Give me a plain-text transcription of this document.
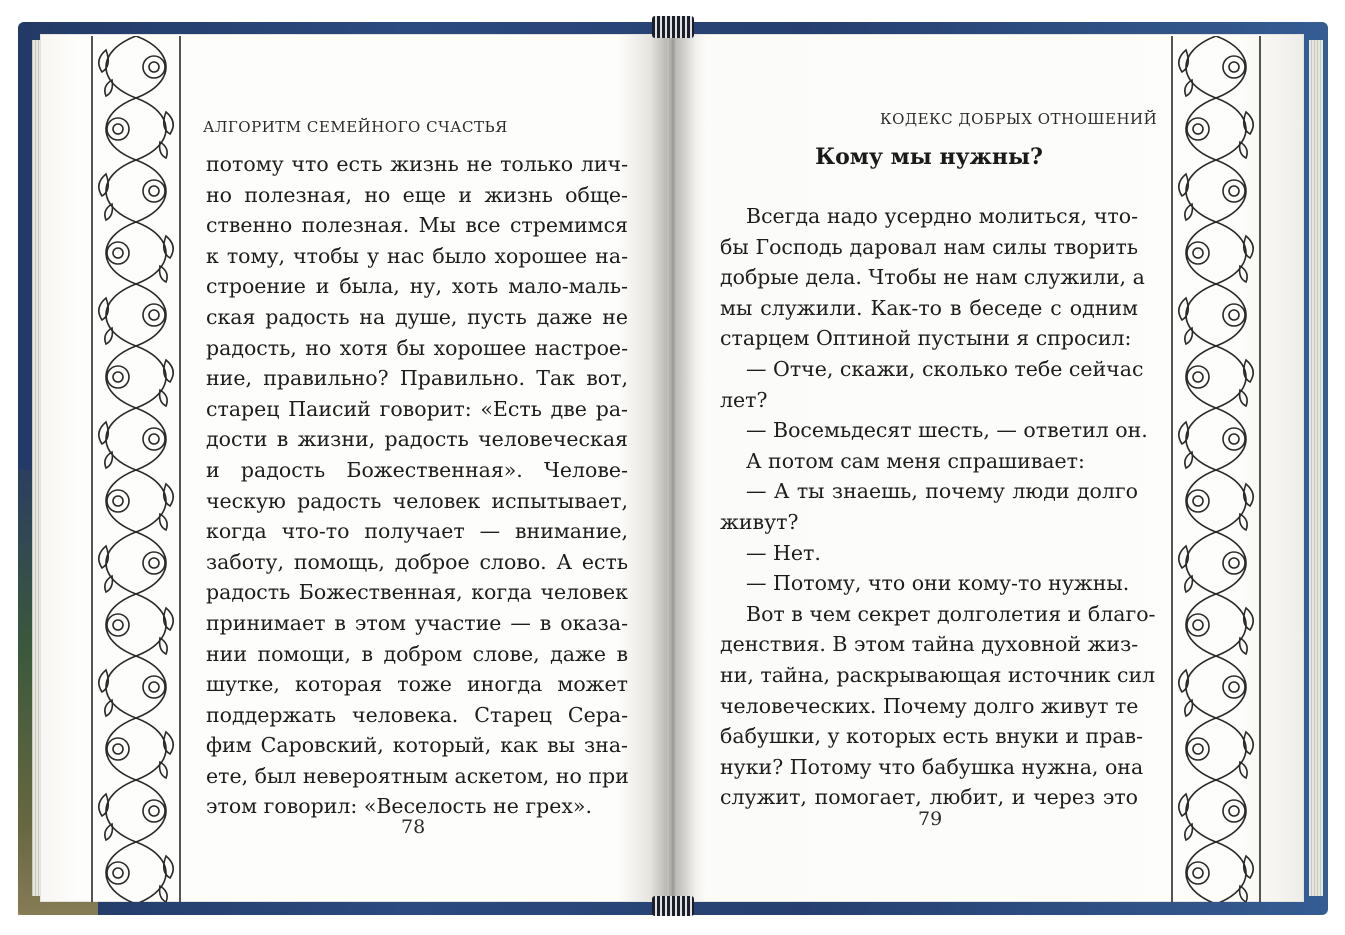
АЛГОРИТМ СЕМЕЙНОГО СЧАСТЬЯ	КОДЕКС ДОБРЫХ ОТНОШЕНИЙ
потому что есть жизнь не только лич-
но полезная, но еще и жизнь обще-
ственно полезная. Мы все стремимся
к тому, чтобы у нас было хорошее на-
строение и была, ну, хоть мало-маль-
ская радость на душе, пусть даже не
радость, но хотя бы хорошее настрое-
ние, правильно? Правильно. Так вот,
старец Паисий говорит: «Есть две ра-
дости в жизни, радость человеческая
и радость Божественная». Челове-
ческую радость человек испытывает,
когда что-то получает — внимание,
заботу, помощь, доброе слово. А есть
радость Божественная, когда человек
принимает в этом участие — в оказа-
нии помощи, в добром слове, даже в
шутке, которая тоже иногда может
поддержать человека. Старец Сера-
фим Саровский, который, как вы зна-
ете, был невероятным аскетом, но при
этом говорил: «Веселость не грех».
Кому мы нужны?
Всегда надо усердно молиться, что-
бы Господь даровал нам силы творить
добрые дела. Чтобы не нам служили, а
мы служили. Как-то в беседе с одним
старцем Оптиной пустыни я спросил:
— Отче, скажи, сколько тебе сейчас
лет?
— Восемьдесят шесть, — ответил он.
А потом сам меня спрашивает:
— А ты знаешь, почему люди долго
живут?
— Нет.
— Потому, что они кому-то нужны.
Вот в чем секрет долголетия и благо-
денствия. В этом тайна духовной жиз-
ни, тайна, раскрывающая источник сил
человеческих. Почему долго живут те
бабушки, у которых есть внуки и прав-
нуки? Потому что бабушка нужна, она
служит, помогает, любит, и через это
78	79
